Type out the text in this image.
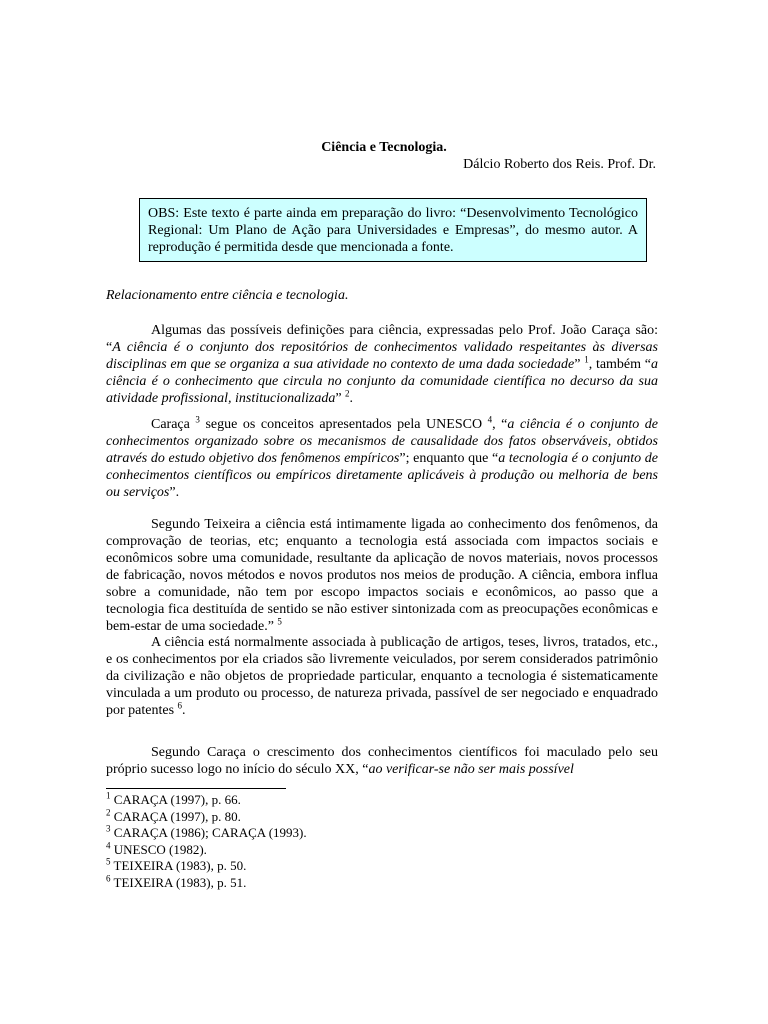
Ciência e Tecnologia.
Dálcio Roberto dos Reis. Prof. Dr.
OBS: Este texto é parte ainda em preparação do livro: “Desenvolvimento Tecnológico Regional: Um Plano de Ação para Universidades e Empresas”, do mesmo autor. A reprodução é permitida desde que mencionada a fonte.
Relacionamento entre ciência e tecnologia.

Algumas das possíveis definições para ciência, expressadas pelo Prof. João Caraça são: “A ciência é o conjunto dos repositórios de conhecimentos validado respeitantes às diversas disciplinas em que se organiza a sua atividade no contexto de uma dada sociedade” $^1$, também “a ciência é o conhecimento que circula no conjunto da comunidade científica no decurso da sua atividade profissional, institucionalizada” $^2$.

Caraça $^3$ segue os conceitos apresentados pela UNESCO $^4$, “a ciência é o conjunto de conhecimentos organizado sobre os mecanismos de causalidade dos fatos observáveis, obtidos através do estudo objetivo dos fenômenos empíricos”; enquanto que “a tecnologia é o conjunto de conhecimentos científicos ou empíricos diretamente aplicáveis à produção ou melhoria de bens ou serviços”.

Segundo Teixeira a ciência está intimamente ligada ao conhecimento dos fenômenos, da comprovação de teorias, etc; enquanto a tecnologia está associada com impactos sociais e econômicos sobre uma comunidade, resultante da aplicação de novos materiais, novos processos de fabricação, novos métodos e novos produtos nos meios de produção. A ciência, embora influa sobre a comunidade, não tem por escopo impactos sociais e econômicos, ao passo que a tecnologia fica destituída de sentido se não estiver sintonizada com as preocupações econômicas e bem-estar de uma sociedade.” $^5$

A ciência está normalmente associada à publicação de artigos, teses, livros, tratados, etc., e os conhecimentos por ela criados são livremente veiculados, por serem considerados patrimônio da civilização e não objetos de propriedade particular, enquanto a tecnologia é sistematicamente vinculada a um produto ou processo, de natureza privada, passível de ser negociado e enquadrado por patentes $^6$.

Segundo Caraça o crescimento dos conhecimentos científicos foi maculado pelo seu próprio sucesso logo no início do século XX, “ao verificar-se não ser mais possível

$^1$ CARAÇA (1997), p. 66.
$^2$ CARAÇA (1997), p. 80.
$^3$ CARAÇA (1986); CARAÇA (1993).
$^4$ UNESCO (1982).
$^5$ TEIXEIRA (1983), p. 50.
$^6$ TEIXEIRA (1983), p. 51.
